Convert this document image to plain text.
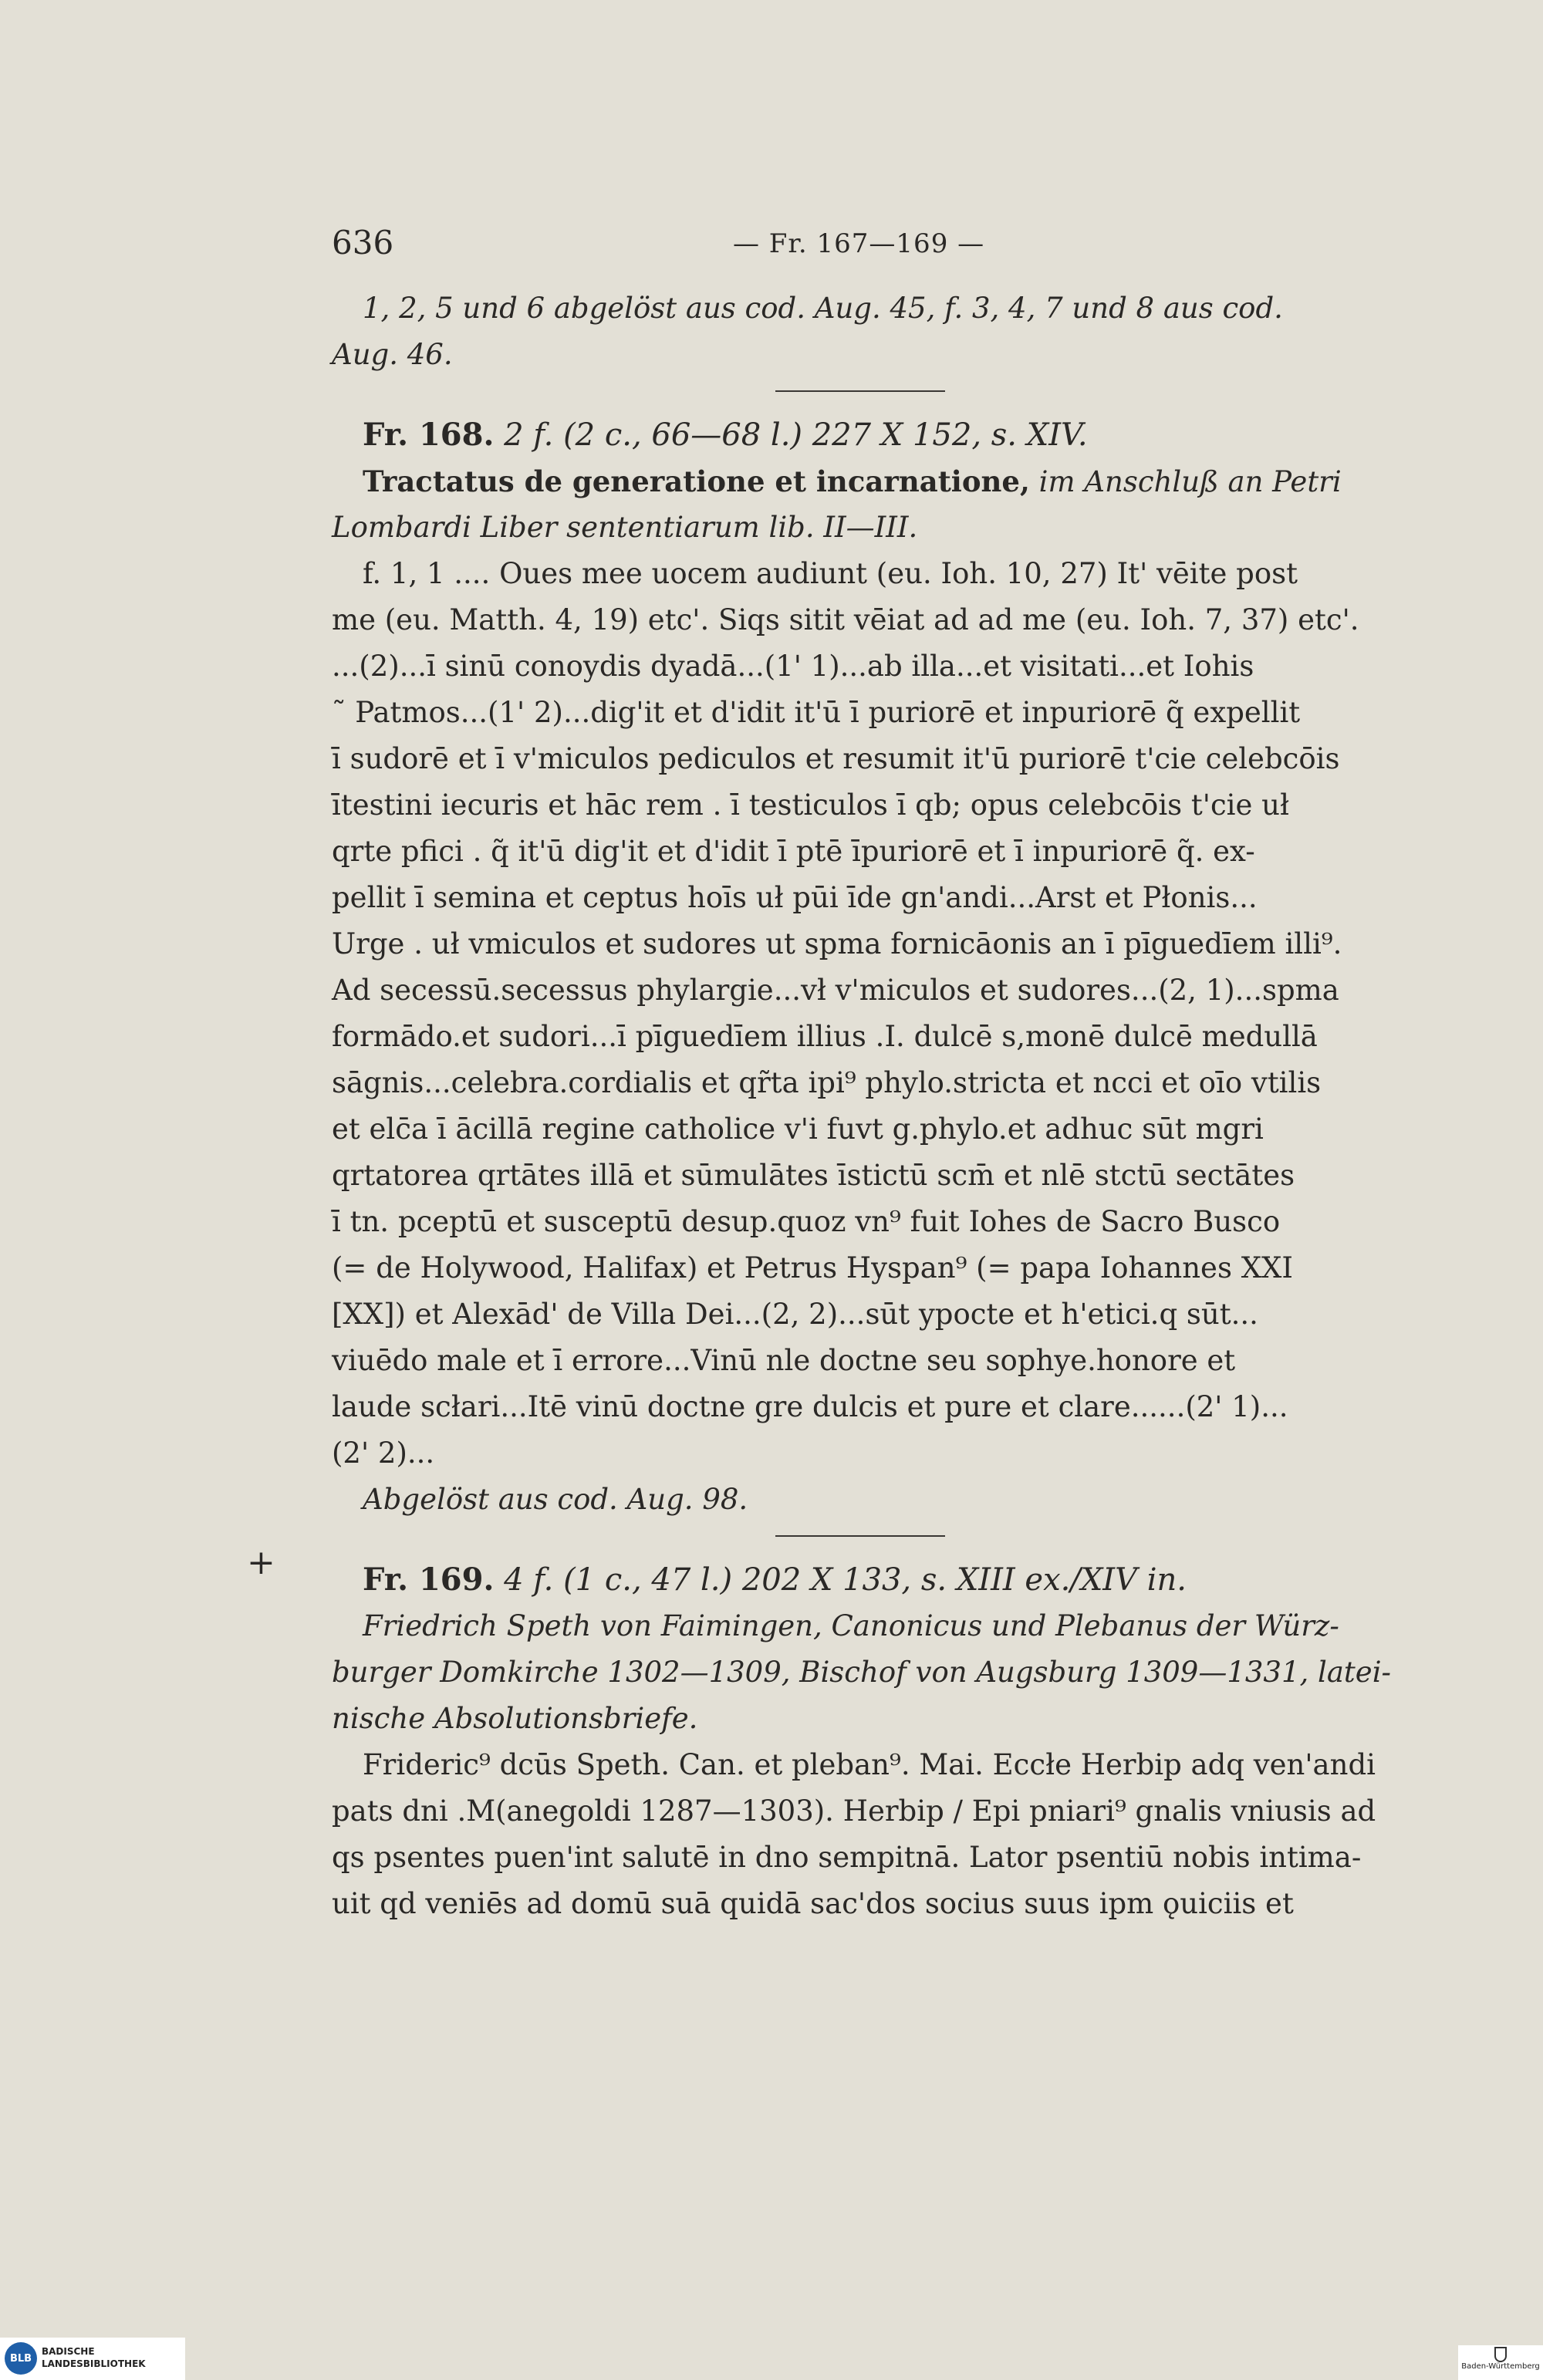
636	— Fr. 167—169 —
1, 2, 5 und 6 abgelöst aus cod. Aug. 45, f. 3, 4, 7 und 8 aus cod.
Aug. 46.
Fr. 168. 2 f. (2 c., 66—68 l.) 227 X 152, s. XIV.
Tractatus de generatione et incarnatione, im Anschluß an Petri
Lombardi Liber sententiarum lib. II—III.
f. 1, 1 .... Oues mee uocem audiunt (eu. Ioh. 10, 27) It' vēite post
me (eu. Matth. 4, 19) etc'. Siqs sitit vēiat ad ad me (eu. Ioh. 7, 37) etc'.
...(2)...ī sinū conoydis dyadā...(1' 1)...ab illa...et visitati...et Iohis
˜ Patmos...(1' 2)...dig'it et d'idit it'ū ī puriorē et inpuriorē q̃ expellit
ī sudorē et ī v'miculos pediculos et resumit it'ū puriorē t'cie celebcōis
ītestini iecuris et hāc rem . ī testiculos ī qb; opus celebcōis t'cie uł
qrte pfici . q̃ it'ū dig'it et d'idit ī ptē īpuriorē et ī inpuriorē q̃. ex-
pellit ī semina et ceptus hoīs uł pūi īde gn'andi...Arst et Płonis...
Urge . uł vmiculos et sudores ut spma fornicāonis an ī pīguedīem illi⁹.
Ad secessū.secessus phylargie...vł v'miculos et sudores...(2, 1)...spma
formādo.et sudori...ī pīguedīem illius .I. dulcē s,monē dulcē medullā
sāgnis...celebra.cordialis et qr̃ta ipi⁹ phylo.stricta et ncci et oīo vtilis
et elc̄a ī ācillā regine catholice v'i fuvt g.phylo.et adhuc sūt mgri
qrtatorea qrtātes illā et sūmulātes īstictū scm̄ et nlē stctū sectātes
ī tn. pceptū et susceptū desup.quoz vn⁹ fuit Iohes de Sacro Busco
(= de Holywood, Halifax) et Petrus Hyspan⁹ (= papa Iohannes XXI
[XX]) et Alexād' de Villa Dei...(2, 2)...sūt ypocte et h'etici.q sūt...
viuēdo male et ī errore...Vinū nle doctne seu sophye.honore et
laude scłari...Itē vinū doctne gre dulcis et pure et clare......(2' 1)...
(2' 2)...
Abgelöst aus cod. Aug. 98.
Fr. 169. 4 f. (1 c., 47 l.) 202 X 133, s. XIII ex./XIV in.
Friedrich Speth von Faimingen, Canonicus und Plebanus der Würz-
burger Domkirche 1302—1309, Bischof von Augsburg 1309—1331, latei-
nische Absolutionsbriefe.
Frideric⁹ dcūs Speth. Can. et pleban⁹. Mai. Eccłe Herbip adq ven'andi
pats dni .M(anegoldi 1287—1303). Herbip / Epi pniari⁹ gnalis vniusis ad
qs psentes puen'int salutē in dno sempitnā. Lator psentiū nobis intima-
uit qd veniēs ad domū suā quidā sac'dos socius suus ipm ǫuiciis et
+
BLB
BADISCHE
LANDESBIBLIOTHEK	Baden-Württemberg
